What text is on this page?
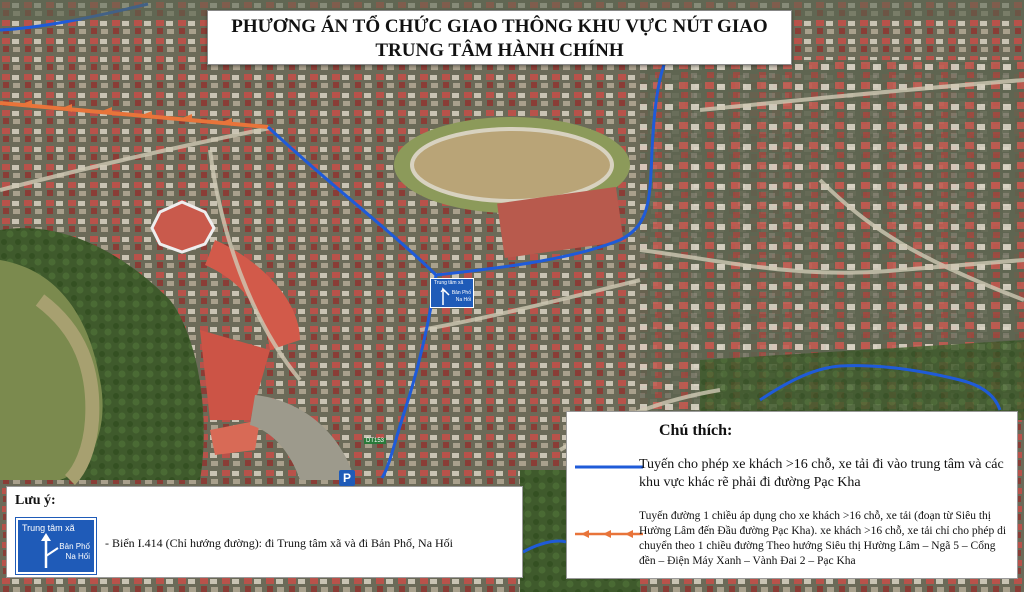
Trung tâm xã
Bản Phố
Na Hối
DT153
P
PHƯƠNG ÁN TỔ CHỨC GIAO THÔNG KHU VỰC NÚT GIAO
TRUNG TÂM HÀNH CHÍNH
Lưu ý:
Trung tâm xã
Bản Phố
Na Hối
- Biển I.414 (Chỉ hướng đường): đi Trung tâm xã và đi Bản Phố, Na Hối
Chú thích:
Tuyến cho phép xe khách >16 chỗ, xe tải đi vào trung tâm và các khu vực khác rẽ phải đi đường Pạc Kha
Tuyến đường 1 chiều áp dụng cho xe khách >16 chỗ, xe tải (đoạn từ Siêu thị Hường Lâm đến Đầu đường Pạc Kha). xe khách >16 chỗ, xe tải chỉ cho phép di chuyển theo 1 chiều đường Theo hướng Siêu thị Hường Lâm – Ngã 5 – Cổng đền – Điện Máy Xanh – Vành Đai 2 – Pạc Kha
